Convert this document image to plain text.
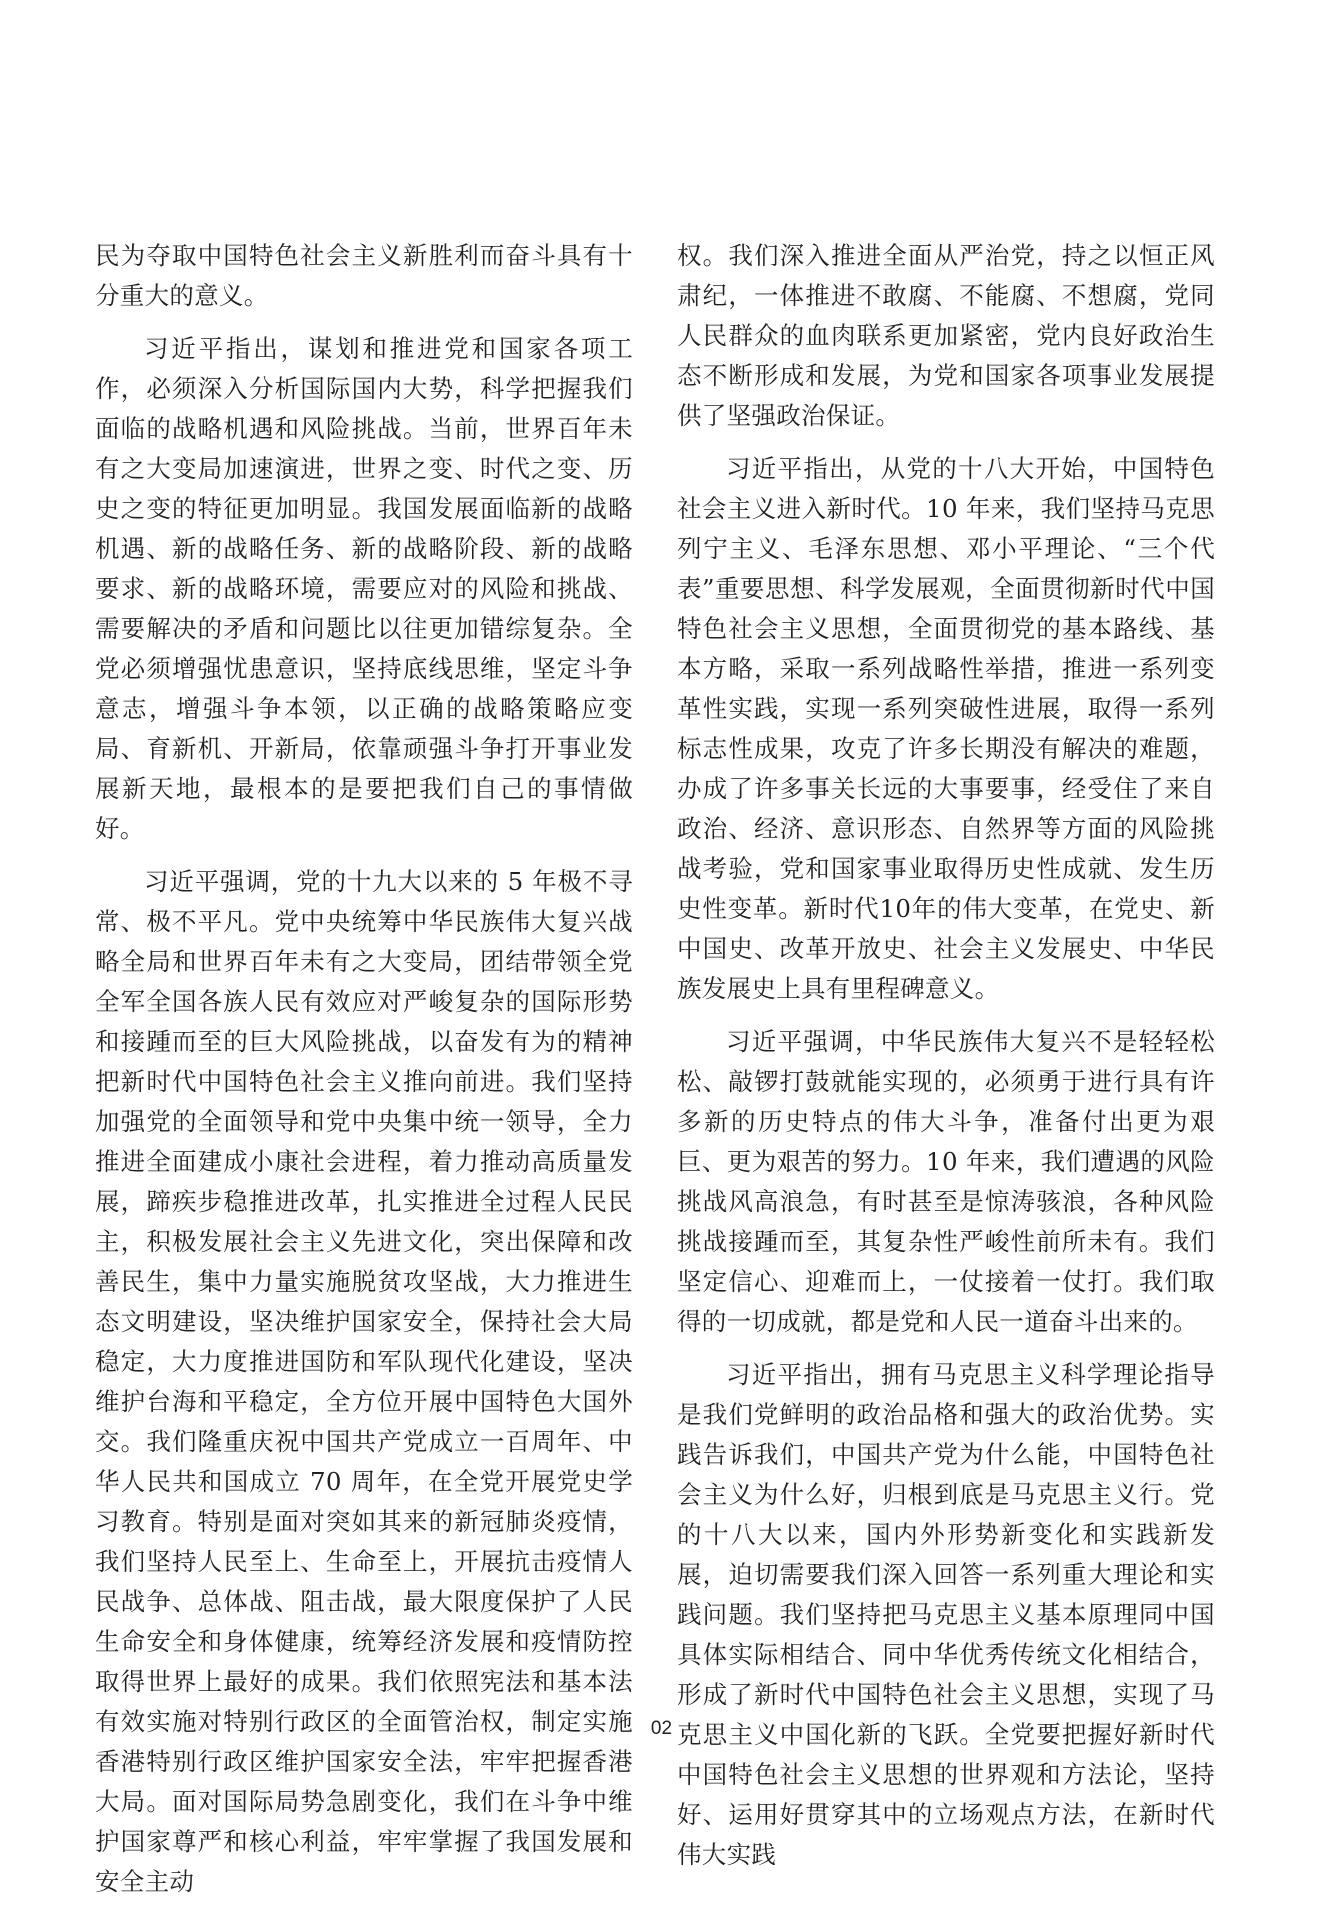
民为夺取中国特色社会主义新胜利而奋斗具有十分重大的意义。

习近平指出，谋划和推进党和国家各项工作，必须深入分析国际国内大势，科学把握我们面临的战略机遇和风险挑战。当前，世界百年未有之大变局加速演进，世界之变、时代之变、历史之变的特征更加明显。我国发展面临新的战略机遇、新的战略任务、新的战略阶段、新的战略要求、新的战略环境，需要应对的风险和挑战、需要解决的矛盾和问题比以往更加错综复杂。全党必须增强忧患意识，坚持底线思维，坚定斗争意志，增强斗争本领，以正确的战略策略应变局、育新机、开新局，依靠顽强斗争打开事业发展新天地，最根本的是要把我们自己的事情做好。

习近平强调，党的十九大以来的 5 年极不寻常、极不平凡。党中央统筹中华民族伟大复兴战略全局和世界百年未有之大变局，团结带领全党全军全国各族人民有效应对严峻复杂的国际形势和接踵而至的巨大风险挑战，以奋发有为的精神把新时代中国特色社会主义推向前进。我们坚持加强党的全面领导和党中央集中统一领导，全力推进全面建成小康社会进程，着力推动高质量发展，蹄疾步稳推进改革，扎实推进全过程人民民主，积极发展社会主义先进文化，突出保障和改善民生，集中力量实施脱贫攻坚战，大力推进生态文明建设，坚决维护国家安全，保持社会大局稳定，大力度推进国防和军队现代化建设，坚决维护台海和平稳定，全方位开展中国特色大国外交。我们隆重庆祝中国共产党成立一百周年、中华人民共和国成立 70 周年，在全党开展党史学习教育。特别是面对突如其来的新冠肺炎疫情，我们坚持人民至上、生命至上，开展抗击疫情人民战争、总体战、阻击战，最大限度保护了人民生命安全和身体健康，统筹经济发展和疫情防控取得世界上最好的成果。我们依照宪法和基本法有效实施对特别行政区的全面管治权，制定实施香港特别行政区维护国家安全法，牢牢把握香港大局。面对国际局势急剧变化，我们在斗争中维护国家尊严和核心利益，牢牢掌握了我国发展和安全主动

权。我们深入推进全面从严治党，持之以恒正风肃纪，一体推进不敢腐、不能腐、不想腐，党同人民群众的血肉联系更加紧密，党内良好政治生态不断形成和发展，为党和国家各项事业发展提供了坚强政治保证。

习近平指出，从党的十八大开始，中国特色社会主义进入新时代。10 年来，我们坚持马克思列宁主义、毛泽东思想、邓小平理论、“三个代表”重要思想、科学发展观，全面贯彻新时代中国特色社会主义思想，全面贯彻党的基本路线、基本方略，采取一系列战略性举措，推进一系列变革性实践，实现一系列突破性进展，取得一系列标志性成果，攻克了许多长期没有解决的难题，办成了许多事关长远的大事要事，经受住了来自政治、经济、意识形态、自然界等方面的风险挑战考验，党和国家事业取得历史性成就、发生历史性变革。新时代10年的伟大变革，在党史、新中国史、改革开放史、社会主义发展史、中华民族发展史上具有里程碑意义。

习近平强调，中华民族伟大复兴不是轻轻松松、敲锣打鼓就能实现的，必须勇于进行具有许多新的历史特点的伟大斗争，准备付出更为艰巨、更为艰苦的努力。10 年来，我们遭遇的风险挑战风高浪急，有时甚至是惊涛骇浪，各种风险挑战接踵而至，其复杂性严峻性前所未有。我们坚定信心、迎难而上，一仗接着一仗打。我们取得的一切成就，都是党和人民一道奋斗出来的。

习近平指出，拥有马克思主义科学理论指导是我们党鲜明的政治品格和强大的政治优势。实践告诉我们，中国共产党为什么能，中国特色社会主义为什么好，归根到底是马克思主义行。党的十八大以来，国内外形势新变化和实践新发展，迫切需要我们深入回答一系列重大理论和实践问题。我们坚持把马克思主义基本原理同中国具体实际相结合、同中华优秀传统文化相结合，形成了新时代中国特色社会主义思想，实现了马克思主义中国化新的飞跃。全党要把握好新时代中国特色社会主义思想的世界观和方法论，坚持好、运用好贯穿其中的立场观点方法，在新时代伟大实践

02
